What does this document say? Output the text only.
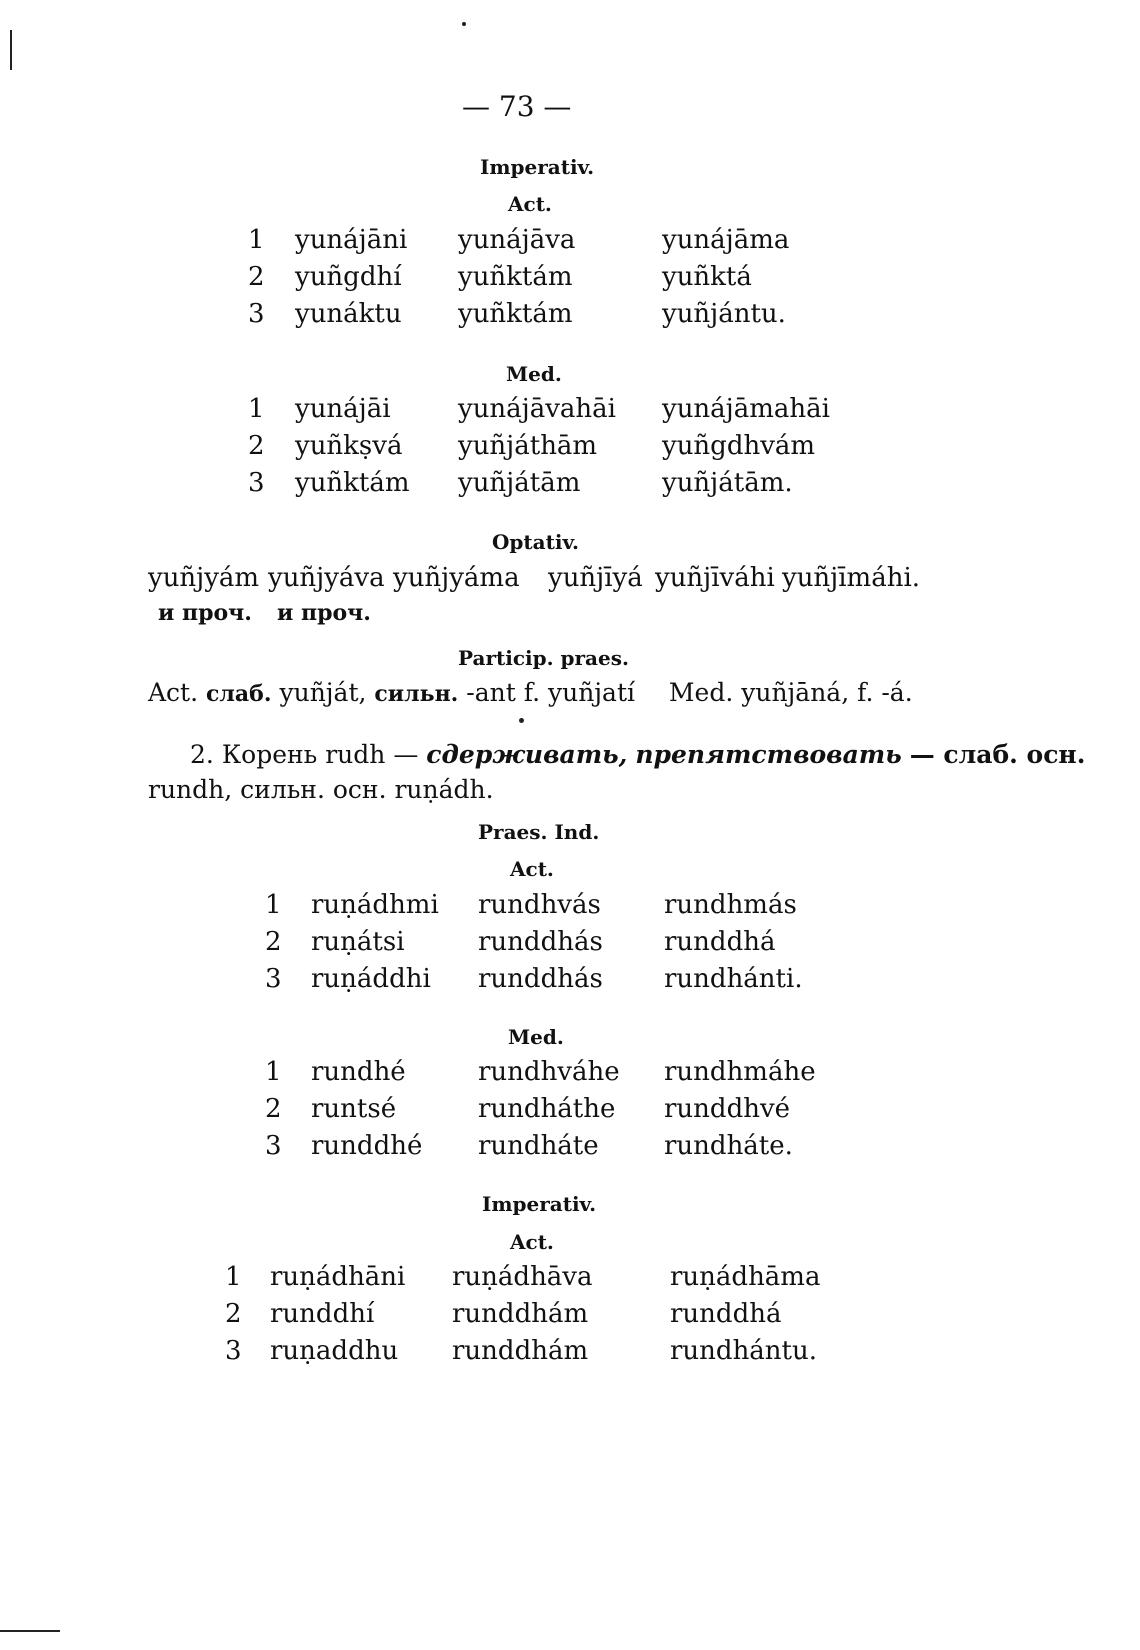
— 73 —
Imperativ.
Act.
1 yunájāni yunájāva	yunájāma
2 yuñgdhí yuñktám	yuñktá
3 yunáktu yuñktám	yuñjántu.
Med.
1 yunájāi	yunájāvahāi yunájāmahāi
2 yuñkṣvá yuñjáthām yuñgdhvám
3 yuñktám yuñjátām	yuñjátām.
Optativ.
yuñjyám yuñjyáva yuñjyáma yuñjīyá yuñjīváhi yuñjīmáhi.
и проч. и проч.
Particip. praes.
Act. слаб. yuñját, сильн. -ant f. yuñjatí Med. yuñjāná, f. -á.
2. Корень rudh — сдерживать, препятствовать — слаб. осн.
rundh, сильн. осн. ruṇádh.
Praes. Ind.
Act.
1 ruṇádhmi rundhvás rundhmás
2 ruṇátsi	runddhás runddhá
3 ruṇáddhi runddhás rundhánti.
Med.
1 rundhé	rundhváhe rundhmáhe
2 runtsé	rundháthe runddhvé
3 runddhé rundháte	rundháte.
Imperativ.
Act.
1 ruṇádhāni ruṇádhāva	ruṇádhāma
2 runddhí	runddhám	runddhá
3 ruṇaddhu runddhám	rundhántu.
